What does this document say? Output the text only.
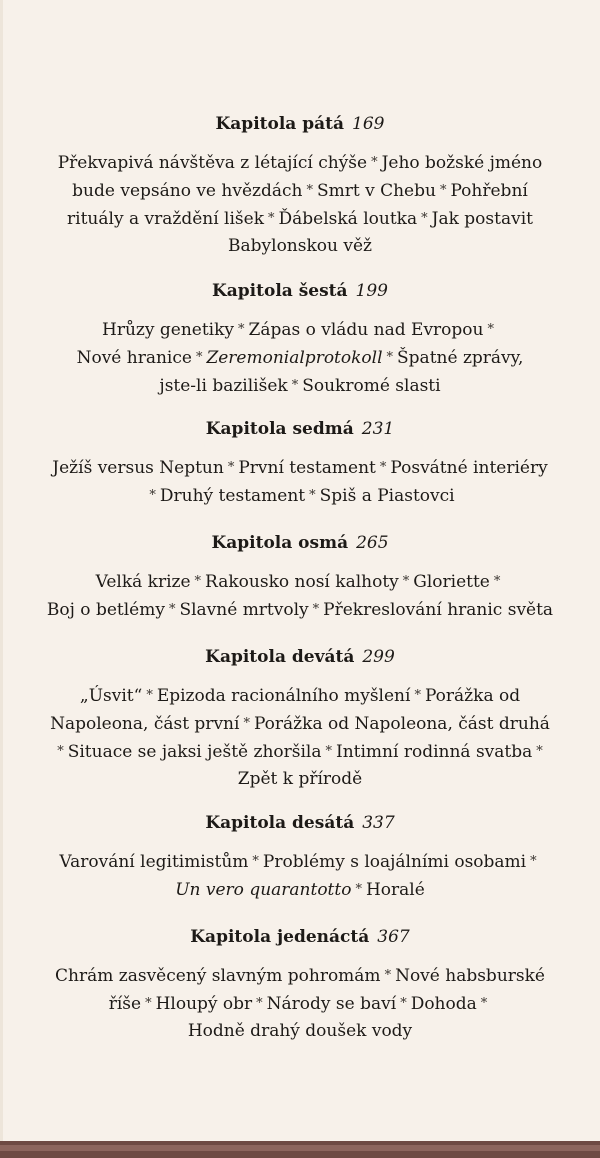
Kapitola pátá 169
Překvapivá návštěva z létající chýše * Jeho božské jméno
bude vepsáno ve hvězdách * Smrt v Chebu * Pohřební
rituály a vraždění lišek * Ďábelská loutka * Jak postavit
Babylonskou věž
Kapitola šestá 199
Hrůzy genetiky * Zápas o vládu nad Evropou *
Nové hranice * Zeremonialprotokoll * Špatné zprávy,
jste-li bazilišek * Soukromé slasti
Kapitola sedmá 231
Ježíš versus Neptun * První testament * Posvátné interiéry
* Druhý testament * Spiš a Piastovci
Kapitola osmá 265
Velká krize * Rakousko nosí kalhoty * Gloriette *
Boj o betlémy * Slavné mrtvoly * Překreslování hranic světa
Kapitola devátá 299
„Úsvit“ * Epizoda racionálního myšlení * Porážka od
Napoleona, část první * Porážka od Napoleona, část druhá
* Situace se jaksi ještě zhoršila * Intimní rodinná svatba *
Zpět k přírodě
Kapitola desátá 337
Varování legitimistům * Problémy s loajálními osobami *
Un vero quarantotto * Horalé
Kapitola jedenáctá 367
Chrám zasvěcený slavným pohromám * Nové habsburské
říše * Hloupý obr * Národy se baví * Dohoda *
Hodně drahý doušek vody
